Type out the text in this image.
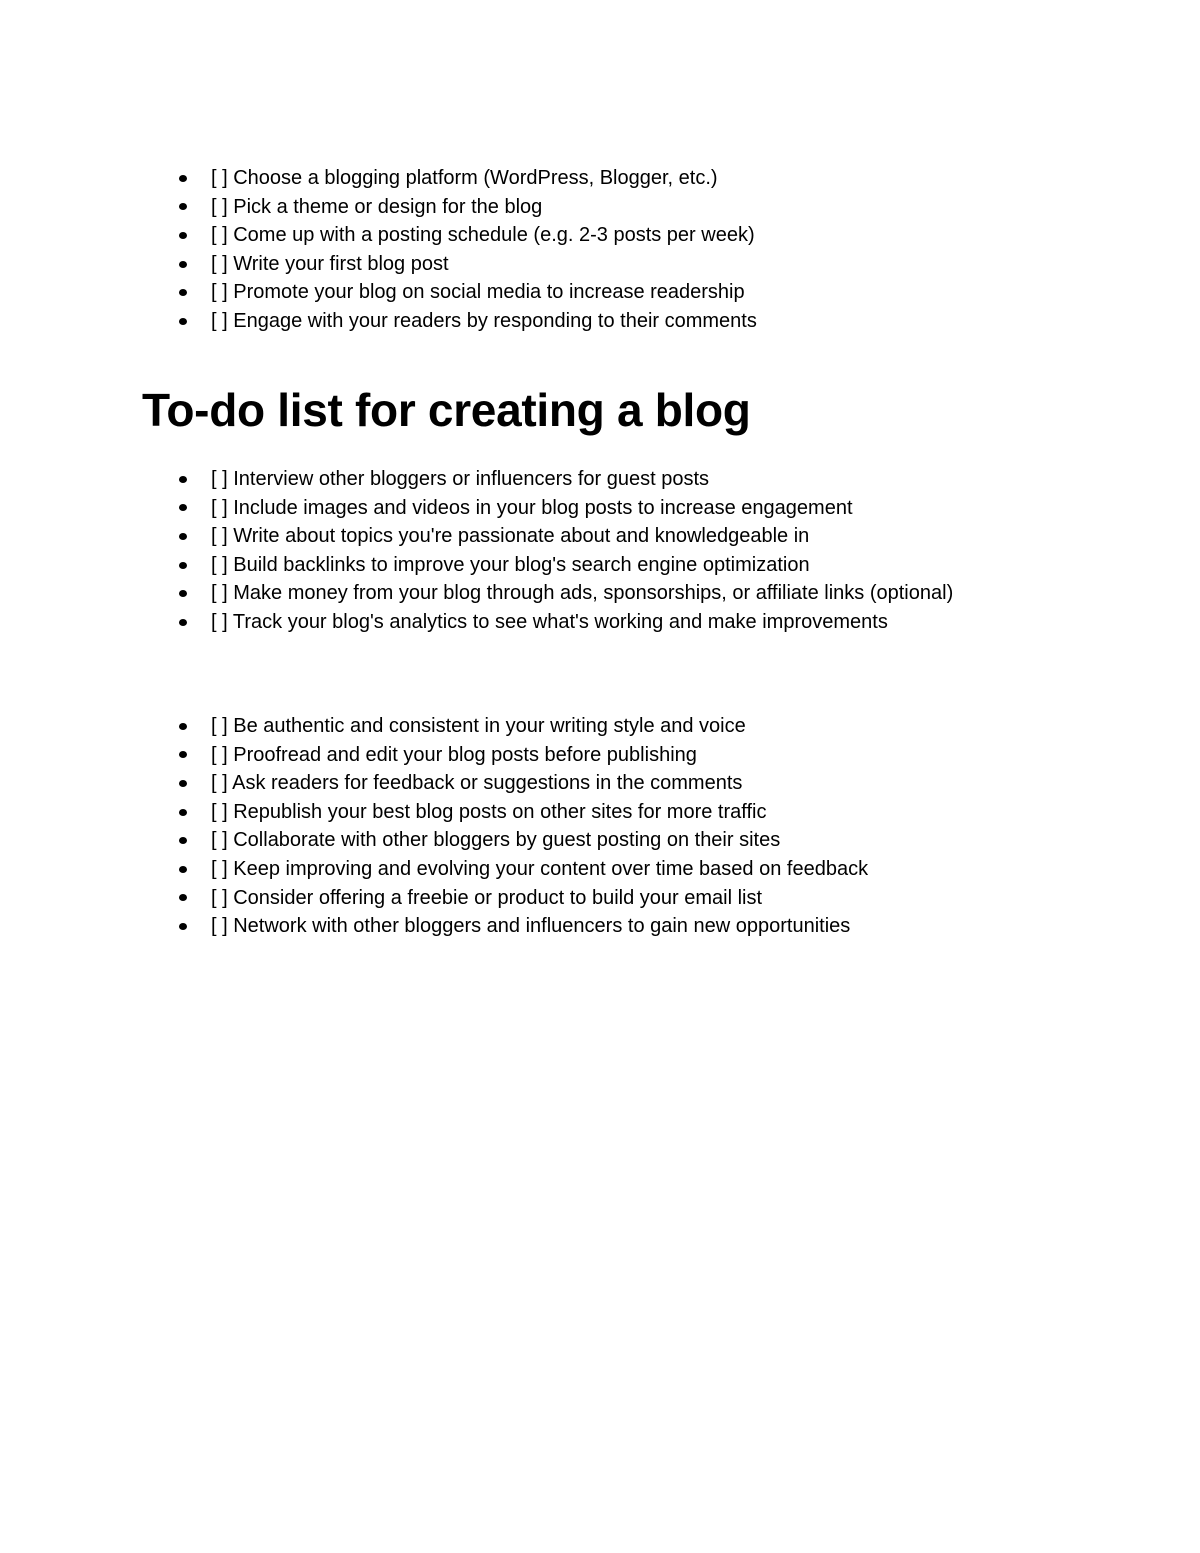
[ ] Choose a blogging platform (WordPress, Blogger, etc.)
[ ] Pick a theme or design for the blog
[ ] Come up with a posting schedule (e.g. 2-3 posts per week)
[ ] Write your first blog post
[ ] Promote your blog on social media to increase readership
[ ] Engage with your readers by responding to their comments
To-do list for creating a blog
[ ] Interview other bloggers or influencers for guest posts
[ ] Include images and videos in your blog posts to increase engagement
[ ] Write about topics you're passionate about and knowledgeable in
[ ] Build backlinks to improve your blog's search engine optimization
[ ] Make money from your blog through ads, sponsorships, or affiliate links (optional)
[ ] Track your blog's analytics to see what's working and make improvements
[ ] Be authentic and consistent in your writing style and voice
[ ] Proofread and edit your blog posts before publishing
[ ] Ask readers for feedback or suggestions in the comments
[ ] Republish your best blog posts on other sites for more traffic
[ ] Collaborate with other bloggers by guest posting on their sites
[ ] Keep improving and evolving your content over time based on feedback
[ ] Consider offering a freebie or product to build your email list
[ ] Network with other bloggers and influencers to gain new opportunities
